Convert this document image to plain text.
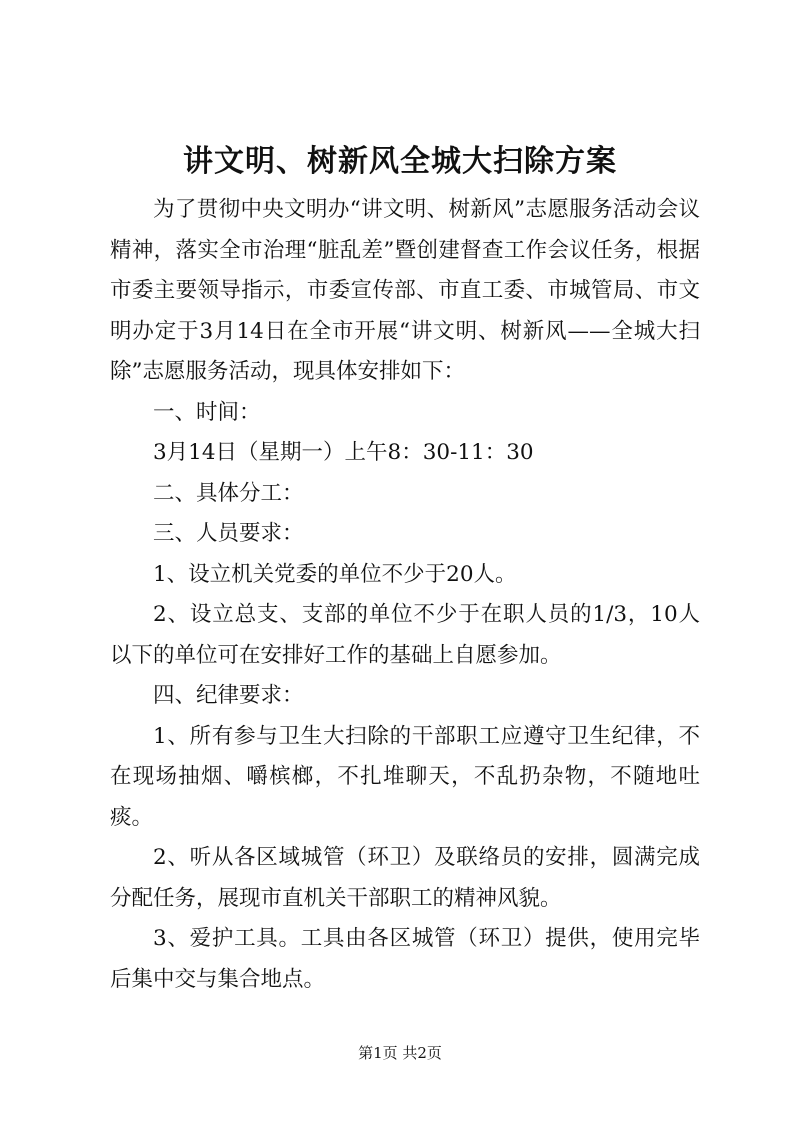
讲文明、树新风全城大扫除方案

为了贯彻中央文明办“讲文明、树新风”志愿服务活动会议精神，落实全市治理“脏乱差”暨创建督查工作会议任务，根据市委主要领导指示，市委宣传部、市直工委、市城管局、市文明办定于3月14日在全市开展“讲文明、树新风——全城大扫除”志愿服务活动，现具体安排如下：

一、时间：

3月14日（星期一）上午8：30-11：30

二、具体分工：

三、人员要求：

1、设立机关党委的单位不少于20人。

2、设立总支、支部的单位不少于在职人员的1/3，10人以下的单位可在安排好工作的基础上自愿参加。

四、纪律要求：

1、所有参与卫生大扫除的干部职工应遵守卫生纪律，不在现场抽烟、嚼槟榔，不扎堆聊天，不乱扔杂物，不随地吐痰。

2、听从各区域城管（环卫）及联络员的安排，圆满完成分配任务，展现市直机关干部职工的精神风貌。

3、爱护工具。工具由各区城管（环卫）提供，使用完毕后集中交与集合地点。

第1页 共2页
